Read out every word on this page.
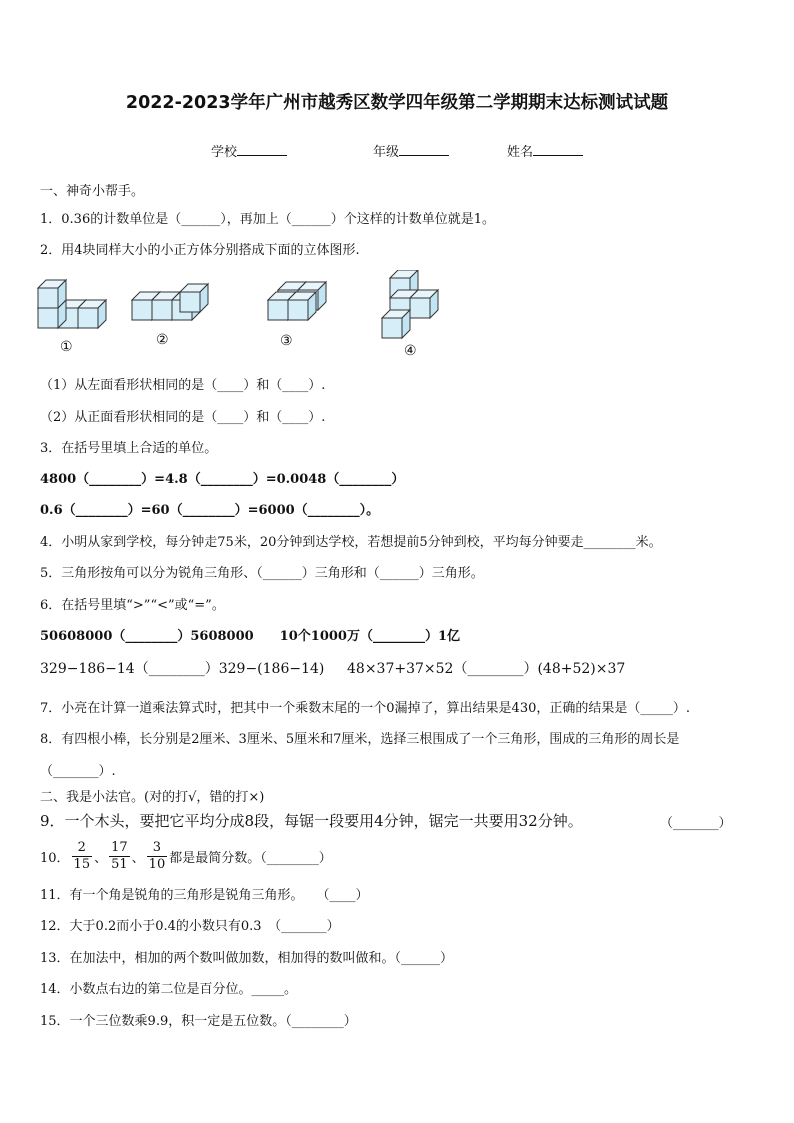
2022-2023学年广州市越秀区数学四年级第二学期期末达标测试试题
学校	年级	姓名
一、神奇小帮手。
1．0.36的计数单位是（______），再加上（______）个这样的计数单位就是1。
2．用4块同样大小的小正方体分别搭成下面的立体图形.
①	②	③
④
（1）从左面看形状相同的是（____）和（____）.
（2）从正面看形状相同的是（____）和（____）.
3．在括号里填上合适的单位。
4800（________）=4.8（________）=0.0048（________）
0.6（________）=60（________）=6000（________）。
4．小明从家到学校，每分钟走75米，20分钟到达学校，若想提前5分钟到校，平均每分钟要走________米。
5．三角形按角可以分为锐角三角形、（______）三角形和（______）三角形。
6．在括号里填“>”“<”或“=”。
50608000（________）5608000　　10个1000万（________）1亿
329−186−14（________）329−(186−14) 48×37+37×52（________）(48+52)×37
7．小亮在计算一道乘法算式时，把其中一个乘数末尾的一个0漏掉了，算出结果是430，正确的结果是（_____）.
8．有四根小棒，长分别是2厘米、3厘米、5厘米和7厘米，选择三根围成了一个三角形，围成的三角形的周长是
（_______）.
二、我是小法官。(对的打√，错的打×)
9．一个木头，要把它平均分成8段，每锯一段要用4分钟，锯完一共要用32分钟。	（_______）
10． $\frac{2}{15}$ 、 $\frac{17}{51}$ 、 $\frac{3}{10}$ 都是最简分数。（________）
11．有一个角是锐角的三角形是锐角三角形。　　（____）
12．大于0.2而小于0.4的小数只有0.3　（_______）
13．在加法中，相加的两个数叫做加数，相加得的数叫做和。（______）
14．小数点右边的第二位是百分位。_____。
15．一个三位数乘9.9，积一定是五位数。（________）
